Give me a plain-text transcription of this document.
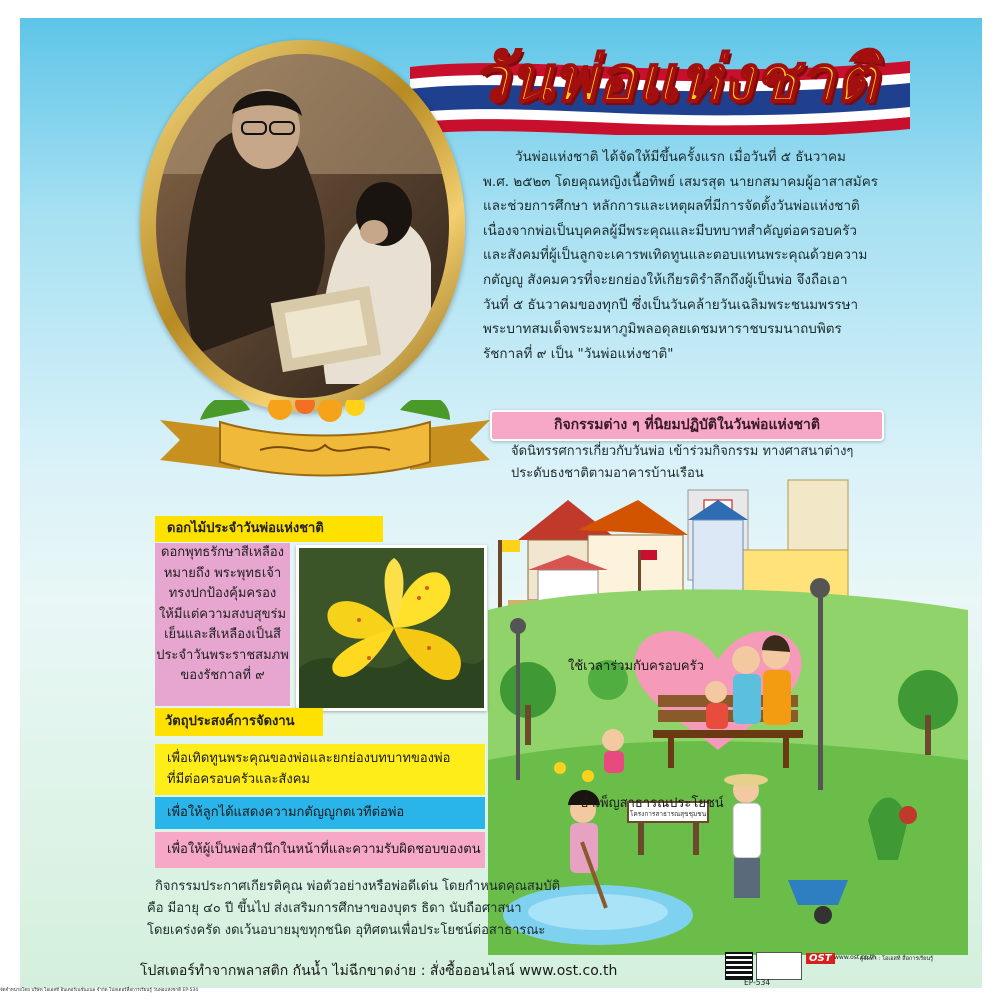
วันพ่อแห่งชาติ
วันพ่อแห่งชาติ ได้จัดให้มีขึ้นครั้งแรก เมื่อวันที่ ๕ ธันวาคม
พ.ศ. ๒๕๒๓ โดยคุณหญิงเนื้อทิพย์ เสมรสุต นายกสมาคมผู้อาสาสมัคร
และช่วยการศึกษา หลักการและเหตุผลที่มีการจัดตั้งวันพ่อแห่งชาติ
เนื่องจากพ่อเป็นบุคคลผู้มีพระคุณและมีบทบาทสำคัญต่อครอบครัว
และสังคมที่ผู้เป็นลูกจะเคารพเทิดทูนและตอบแทนพระคุณด้วยความ
กตัญญู สังคมควรที่จะยกย่องให้เกียรติรำลึกถึงผู้เป็นพ่อ จึงถือเอา
วันที่ ๕ ธันวาคมของทุกปี ซึ่งเป็นวันคล้ายวันเฉลิมพระชนมพรรษา
พระบาทสมเด็จพระมหาภูมิพลอดุลยเดชมหาราชบรมนาถบพิตร
รัชกาลที่ ๙ เป็น "วันพ่อแห่งชาติ"
กิจกรรมต่าง ๆ ที่นิยมปฏิบัติในวันพ่อแห่งชาติ
จัดนิทรรศการเกี่ยวกับวันพ่อ เข้าร่วมกิจกรรม ทางศาสนาต่างๆ
ประดับธงชาติตามอาคารบ้านเรือน
โครงการสาธารณสุขชุมชน
ใช้เวลาร่วมกับครอบครัว
บำเพ็ญสาธารณประโยชน์
ดอกไม้ประจำวันพ่อแห่งชาติ
ดอกพุทธรักษาสีเหลือง
หมายถึง พระพุทธเจ้า
ทรงปกป้องคุ้มครอง
ให้มีแต่ความสงบสุขร่ม
เย็นและสีเหลืองเป็นสี
ประจำวันพระราชสมภพ
ของรัชกาลที่ ๙
วัตถุประสงค์การจัดงาน
เพื่อเทิดทูนพระคุณของพ่อและยกย่องบทบาทของพ่อ
ที่มีต่อครอบครัวและสังคม
เพื่อให้ลูกได้แสดงความกตัญญูกตเวทีต่อพ่อ
เพื่อให้ผู้เป็นพ่อสำนึกในหน้าที่และความรับผิดชอบของตน
กิจกรรมประกาศเกียรติคุณ พ่อตัวอย่างหรือพ่อดีเด่น โดยกำหนดคุณสมบัติ
คือ มีอายุ ๔๐ ปี ขึ้นไป ส่งเสริมการศึกษาของบุตร ธิดา นับถือศาสนา
โดยเคร่งครัด งดเว้นอบายมุขทุกชนิด อุทิศตนเพื่อประโยชน์ต่อสาธารณะ
โปสเตอร์ทำจากพลาสติก กันน้ำ ไม่ฉีกขาดง่าย : สั่งซื้อออนไลน์ www.ost.co.th
OST www.ost.co.th
ผู้จัดทำ : โอเอสที สื่อการเรียนรู้
EP-534
จัดจำหน่ายโดย บริษัท โอเอสที อินเตอร์เนชั่นแนล จำกัด โปสเตอร์สื่อการเรียนรู้ วันพ่อแห่งชาติ EP-534
